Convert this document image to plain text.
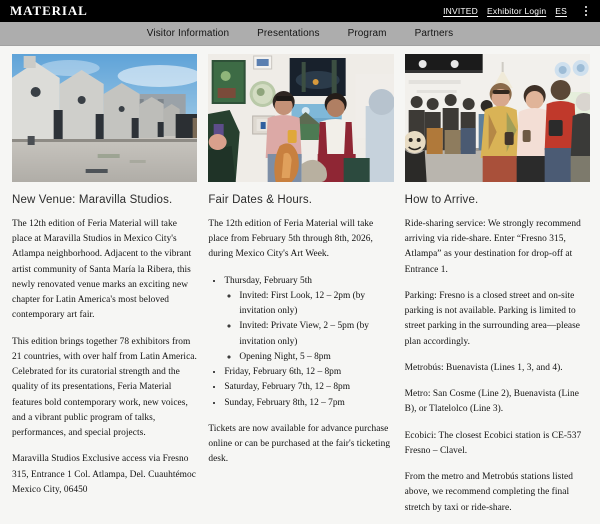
MATERIAL	INVITED Exhibitor Login ES
Visitor Information	Presentations	Program	Partners
New Venue: Maravilla Studios.

The 12th edition of Feria Material will take place at Maravilla Studios in Mexico City's Atlampa neighborhood. Adjacent to the vibrant artist community of Santa María la Ribera, this newly renovated venue marks an exciting new chapter for Latin America's most beloved contemporary art fair.

This edition brings together 78 exhibitors from 21 countries, with over half from Latin America. Celebrated for its curatorial strength and the quality of its presentations, Feria Material features bold contemporary work, new voices, and a vibrant public program of talks, performances, and special projects.

Maravilla Studios Exclusive access via Fresno 315, Entrance 1 Col. Atlampa, Del. Cuauhtémoc Mexico City, 06450

Fair Dates & Hours.

The 12th edition of Feria Material will take place from February 5th through 8th, 2026, during Mexico City's Art Week.

• Thursday, February 5th
◦ Invited: First Look, 12 – 2pm (by invitation only)
◦ Invited: Private View, 2 – 5pm (by invitation only)
◦ Opening Night, 5 – 8pm
• Friday, February 6th, 12 – 8pm
• Saturday, February 7th, 12 – 8pm
• Sunday, February 8th, 12 – 7pm

Tickets are now available for advance purchase online or can be purchased at the fair's ticketing desk.

How to Arrive.

Ride-sharing service: We strongly recommend arriving via ride-share. Enter “Fresno 315, Atlampa” as your destination for drop-off at Entrance 1.

Parking: Fresno is a closed street and on-site parking is not available. Parking is limited to street parking in the surrounding area—please plan accordingly.

Metrobús: Buenavista (Lines 1, 3, and 4).

Metro: San Cosme (Line 2), Buenavista (Line B), or Tlatelolco (Line 3).

Ecobici: The closest Ecobici station is CE-537 Fresno – Clavel.

From the metro and Metrobús stations listed above, we recommend completing the final stretch by taxi or ride-share.
